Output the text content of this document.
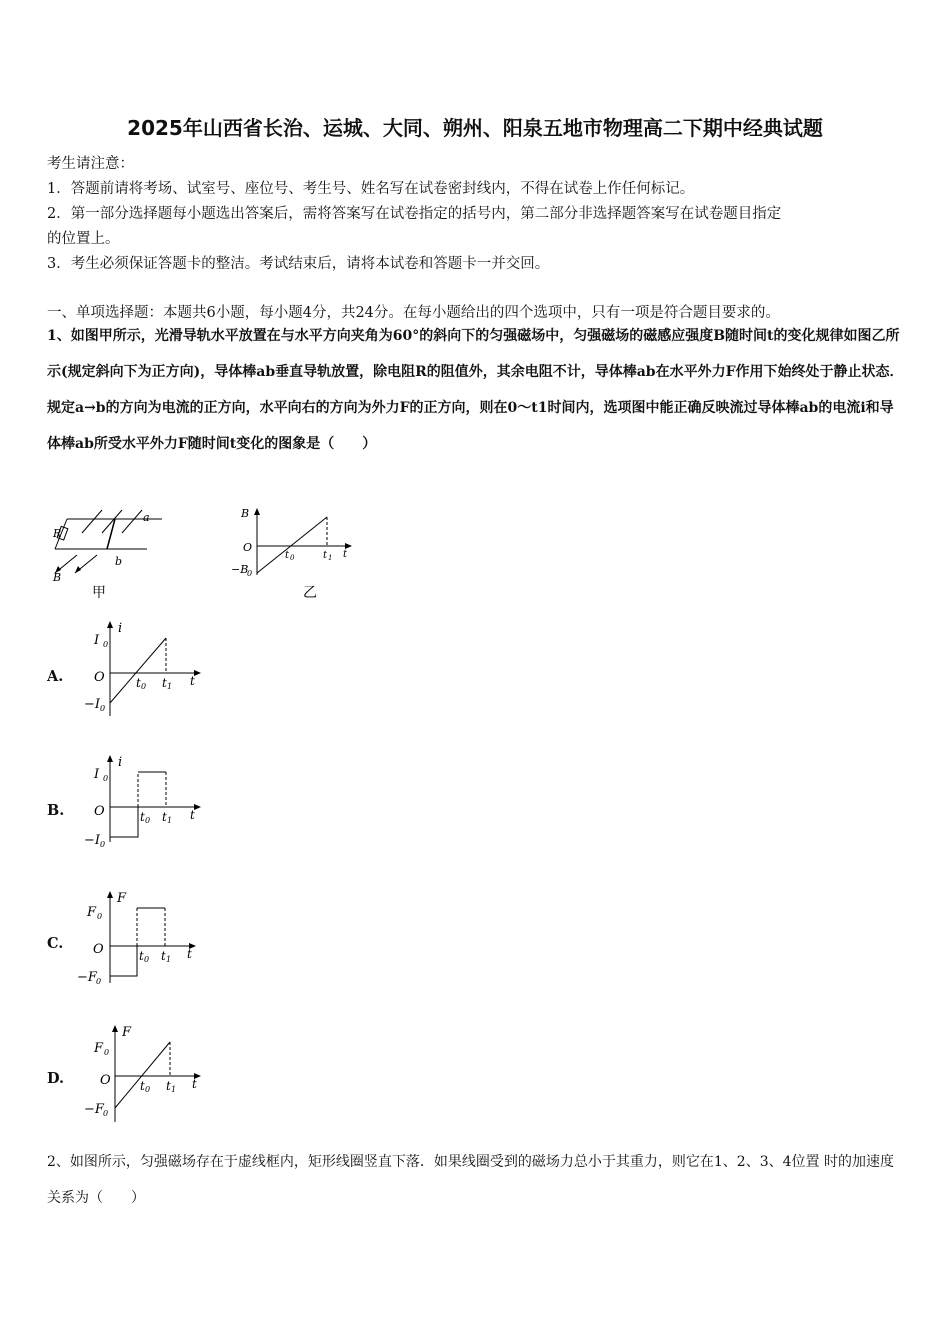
2025年山西省长治、运城、大同、朔州、阳泉五地市物理高二下期中经典试题
考生请注意：
1．答题前请将考场、试室号、座位号、考生号、姓名写在试卷密封线内，不得在试卷上作任何标记。
2．第一部分选择题每小题选出答案后，需将答案写在试卷指定的括号内，第二部分非选择题答案写在试卷题目指定
的位置上。
3．考生必须保证答题卡的整洁。考试结束后，请将本试卷和答题卡一并交回。
一、单项选择题：本题共6小题，每小题4分，共24分。在每小题给出的四个选项中，只有一项是符合题目要求的。
1、如图甲所示，光滑导轨水平放置在与水平方向夹角为60°的斜向下的匀强磁场中，匀强磁场的磁感应强度B随时间t的变化规律如图乙所示(规定斜向下为正方向)，导体棒ab垂直导轨放置，除电阻R的阻值外，其余电阻不计，导体棒ab在水平外力F作用下始终处于静止状态．规定a→b的方向为电流的正方向，水平向右的方向为外力F的正方向，则在0～t1时间内，选项图中能正确反映流过导体棒ab的电流i和导体棒ab所受水平外力F随时间t变化的图象是（　　）
R
a
b
B
甲
B
O
−B
0
t 0	t 1 t
乙
A.
i
I 0
O
−I 0
t 0 t 1 t
B.
i
I 0
O
−I 0
t 0 t 1 t
C.
F
F 0
O
−F 0
t 0 t 1 t
D.
F
F 0
O
−F 0
t 0 t 1 t
2、如图所示，匀强磁场存在于虚线框内，矩形线圈竖直下落．如果线圈受到的磁场力总小于其重力，则它在1、2、3、4位置 时的加速度关系为（　　）
